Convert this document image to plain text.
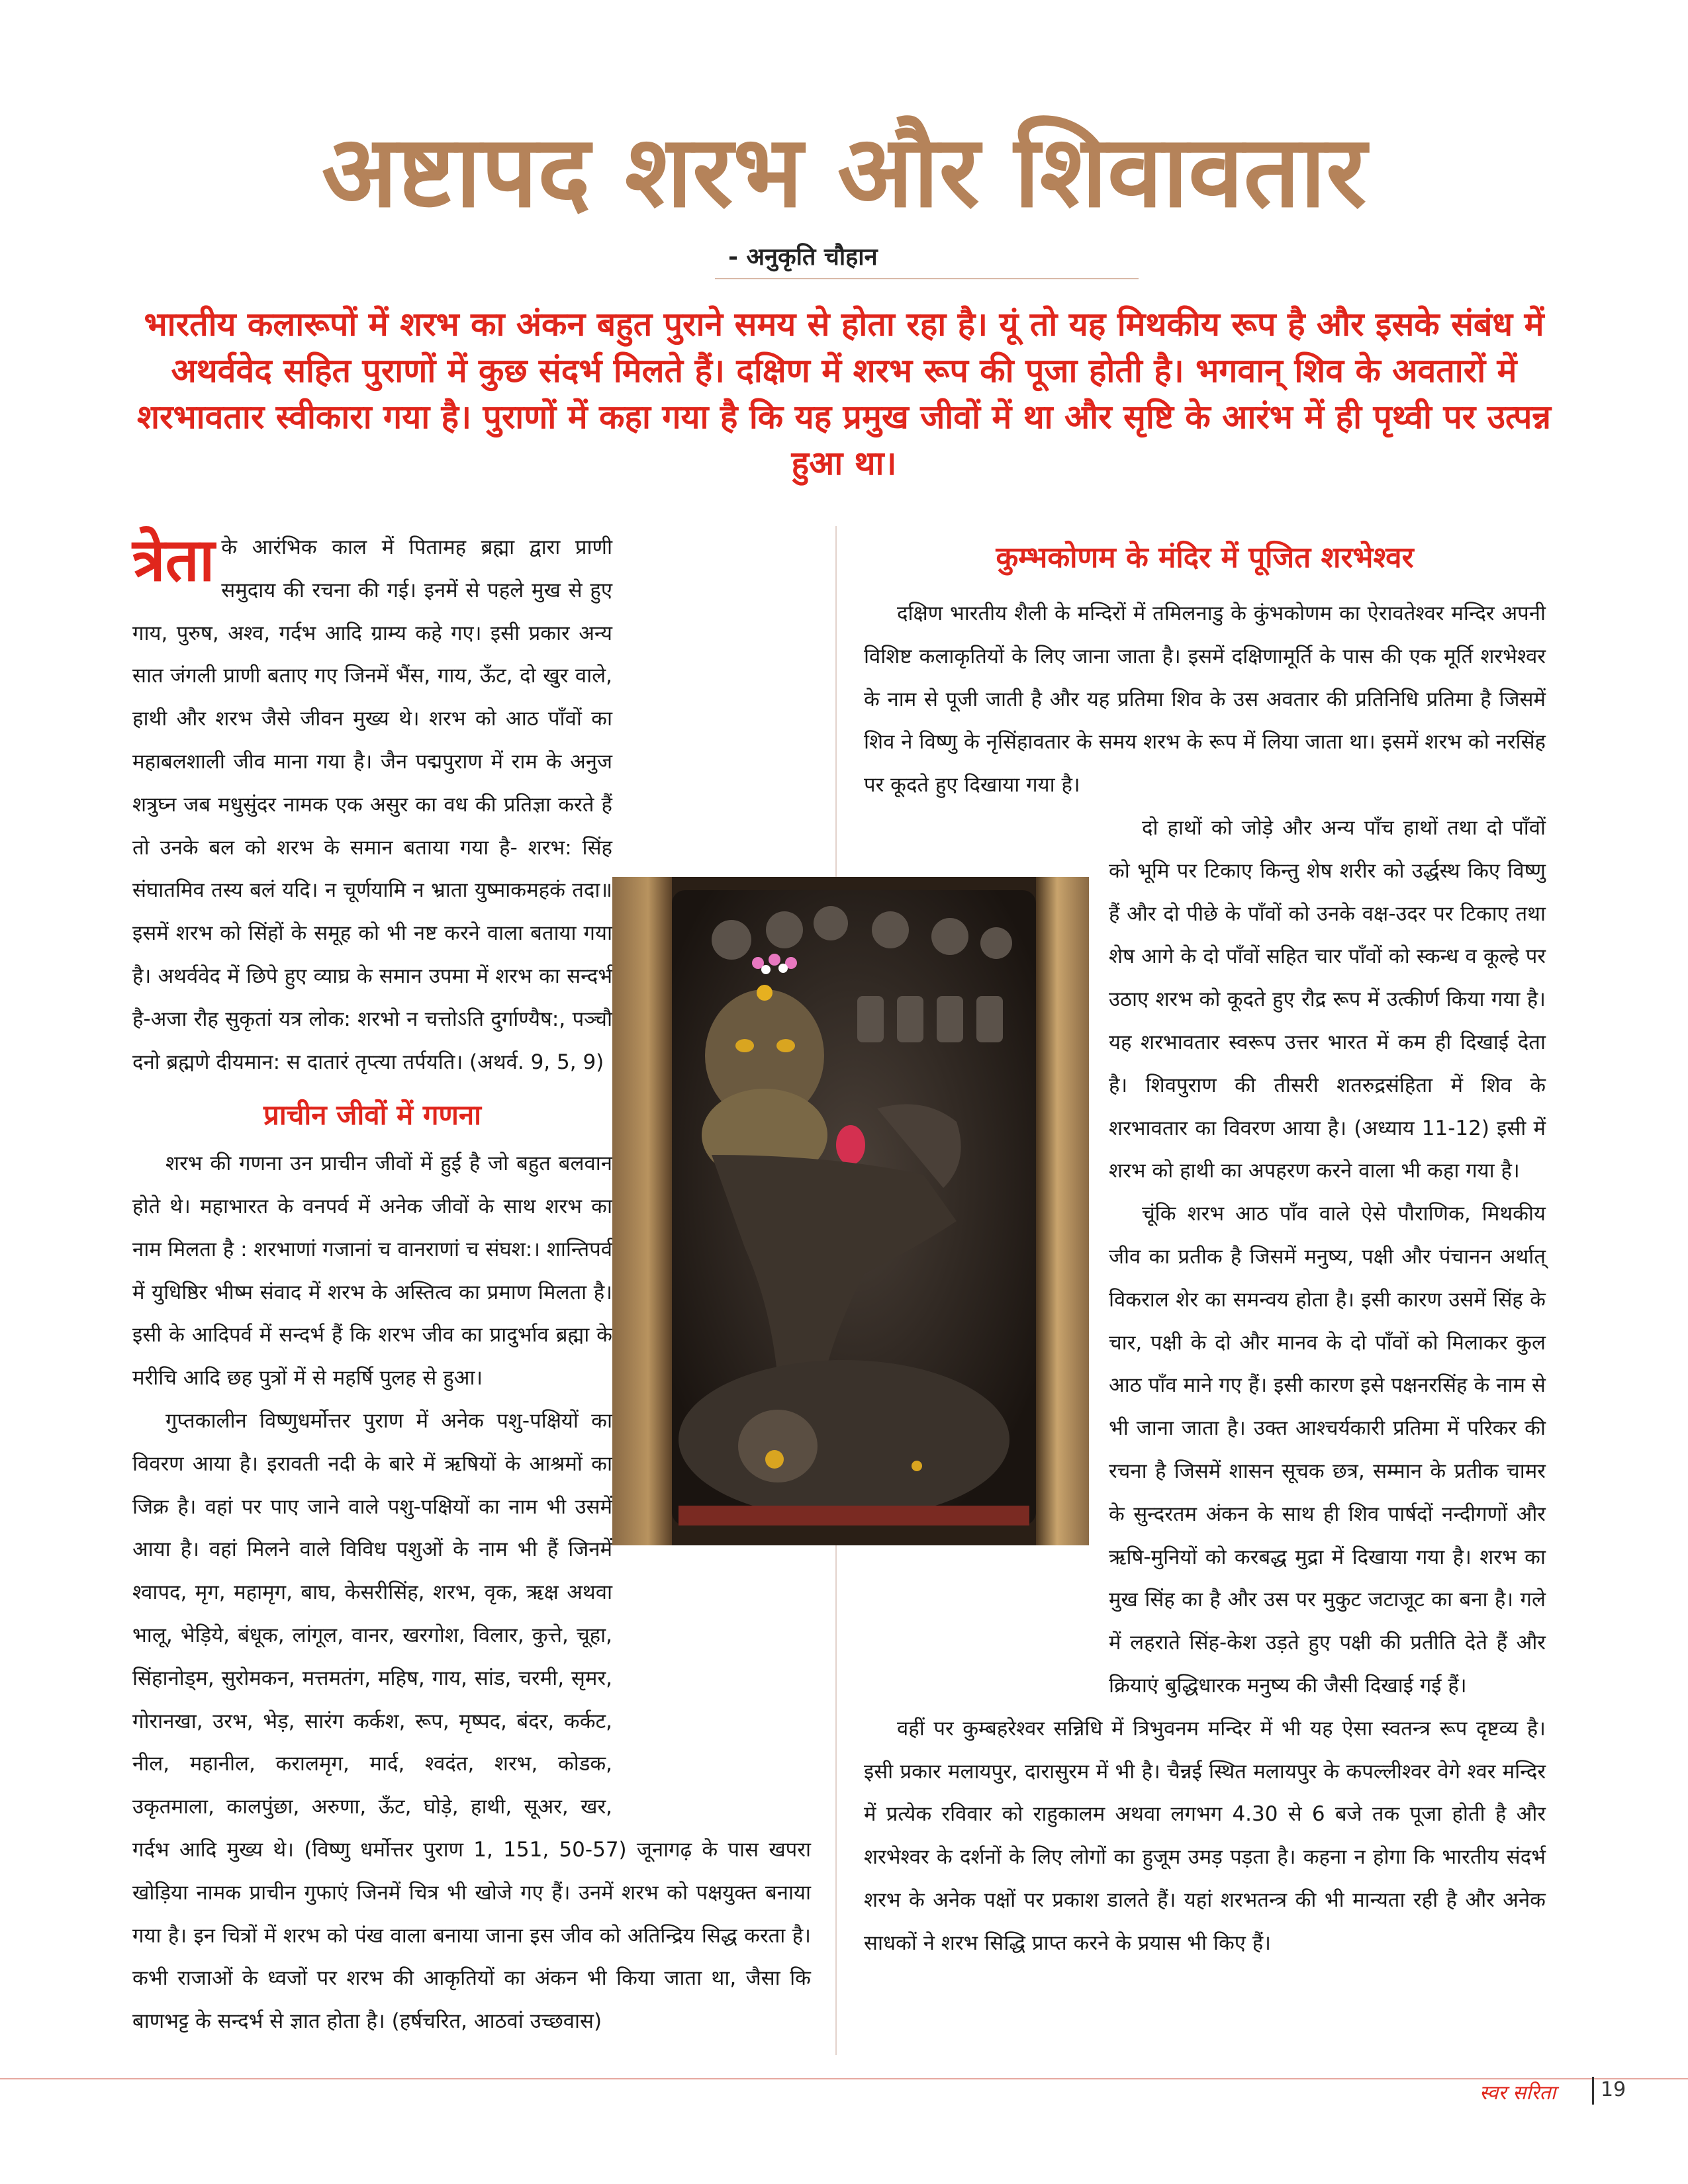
अष्टापद शरभ और शिवावतार
- अनुकृति चौहान

भारतीय कलारूपों में शरभ का अंकन बहुत पुराने समय से होता रहा है। यूं तो यह मिथकीय रूप है और इसके संबंध में अथर्ववेद सहित पुराणों में कुछ संदर्भ मिलते हैं। दक्षिण में शरभ रूप की पूजा होती है। भगवान् शिव के अवतारों में शरभावतार स्वीकारा गया है। पुराणों में कहा गया है कि यह प्रमुख जीवों में था और सृष्टि के आरंभ में ही पृथ्वी पर उत्पन्न हुआ था।

त्रेता के आरंभिक काल में पितामह ब्रह्मा द्वारा प्राणी समुदाय की रचना की गई। इनमें से पहले मुख से हुए गाय, पुरुष, अश्व, गर्दभ आदि ग्राम्य कहे गए। इसी प्रकार अन्य सात जंगली प्राणी बताए गए जिनमें भैंस, गाय, ऊँट, दो खुर वाले, हाथी और शरभ जैसे जीवन मुख्य थे। शरभ को आठ पाँवों का महाबलशाली जीव माना गया है। जैन पद्मपुराण में राम के अनुज शत्रुघ्न जब मधुसुंदर नामक एक असुर का वध की प्रतिज्ञा करते हैं तो उनके बल को शरभ के समान बताया गया है- शरभ: सिंह संघातमिव तस्य बलं यदि। न चूर्णयामि न भ्राता युष्माकमहकं तदा॥ इसमें शरभ को सिंहों के समूह को भी नष्ट करने वाला बताया गया है। अथर्ववेद में छिपे हुए व्याघ्र के समान उपमा में शरभ का सन्दर्भ है-अजा रौह सुकृतां यत्र लोक: शरभो न चत्तोऽति दुर्गाण्यैष:, पञ्चौ दनो ब्रह्मणे दीयमान: स दातारं तृप्त्या तर्पयति। (अथर्व. 9, 5, 9)

प्राचीन जीवों में गणना

शरभ की गणना उन प्राचीन जीवों में हुई है जो बहुत बलवान होते थे। महाभारत के वनपर्व में अनेक जीवों के साथ शरभ का नाम मिलता है : शरभाणां गजानां च वानराणां च संघश:। शान्तिपर्व में युधिष्ठिर भीष्म संवाद में शरभ के अस्तित्व का प्रमाण मिलता है। इसी के आदिपर्व में सन्दर्भ हैं कि शरभ जीव का प्रादुर्भाव ब्रह्मा के मरीचि आदि छह पुत्रों में से महर्षि पुलह से हुआ।

गुप्तकालीन विष्णुधर्मोत्तर पुराण में अनेक पशु-पक्षियों का विवरण आया है। इरावती नदी के बारे में ऋषियों के आश्रमों का जिक्र है। वहां पर पाए जाने वाले पशु-पक्षियों का नाम भी उसमें आया है। वहां मिलने वाले विविध पशुओं के नाम भी हैं जिनमें श्वापद, मृग, महामृग, बाघ, केसरीसिंह, शरभ, वृक, ऋक्ष अथवा भालू, भेड़िये, बंधूक, लांगूल, वानर, खरगोश, विलार, कुत्ते, चूहा, सिंहानोड्म, सुरोमकन, मत्तमतंग, महिष, गाय, सांड, चरमी, सृमर, गोरानखा, उरभ, भेड़, सारंग कर्कश, रूप, मृष्पद, बंदर, कर्कट, नील, महानील, करालमृग, मार्द, श्वदंत, शरभ, कोडक, उकृतमाला, कालपुंछा, अरुणा, ऊँट, घोड़े, हाथी, सूअर, खर, गर्दभ आदि मुख्य थे। (विष्णु धर्मोत्तर पुराण 1, 151, 50-57) जूनागढ़ के पास खपरा खोड़िया नामक प्राचीन गुफाएं जिनमें चित्र भी खोजे गए हैं। उनमें शरभ को पक्षयुक्त बनाया गया है। इन चित्रों में शरभ को पंख वाला बनाया जाना इस जीव को अतिन्द्रिय सिद्ध करता है। कभी राजाओं के ध्वजों पर शरभ की आकृतियों का अंकन भी किया जाता था, जैसा कि बाणभट्ट के सन्दर्भ से ज्ञात होता है। (हर्षचरित, आठवां उच्छवास)

कुम्भकोणम के मंदिर में पूजित शरभेश्वर

दक्षिण भारतीय शैली के मन्दिरों में तमिलनाडु के कुंभकोणम का ऐरावतेश्वर मन्दिर अपनी विशिष्ट कलाकृतियों के लिए जाना जाता है। इसमें दक्षिणामूर्ति के पास की एक मूर्ति शरभेश्वर के नाम से पूजी जाती है और यह प्रतिमा शिव के उस अवतार की प्रतिनिधि प्रतिमा है जिसमें शिव ने विष्णु के नृसिंहावतार के समय शरभ के रूप में लिया जाता था। इसमें शरभ को नरसिंह पर कूदते हुए दिखाया गया है।

दो हाथों को जोड़े और अन्य पाँच हाथों तथा दो पाँवों को भूमि पर टिकाए किन्तु शेष शरीर को उर्द्धस्थ किए विष्णु हैं और दो पीछे के पाँवों को उनके वक्ष-उदर पर टिकाए तथा शेष आगे के दो पाँवों सहित चार पाँवों को स्कन्ध व कूल्हे पर उठाए शरभ को कूदते हुए रौद्र रूप में उत्कीर्ण किया गया है। यह शरभावतार स्वरूप उत्तर भारत में कम ही दिखाई देता है। शिवपुराण की तीसरी शतरुद्रसंहिता में शिव के शरभावतार का विवरण आया है। (अध्याय 11-12) इसी में शरभ को हाथी का अपहरण करने वाला भी कहा गया है।

चूंकि शरभ आठ पाँव वाले ऐसे पौराणिक, मिथकीय जीव का प्रतीक है जिसमें मनुष्य, पक्षी और पंचानन अर्थात् विकराल शेर का समन्वय होता है। इसी कारण उसमें सिंह के चार, पक्षी के दो और मानव के दो पाँवों को मिलाकर कुल आठ पाँव माने गए हैं। इसी कारण इसे पक्षनरसिंह के नाम से भी जाना जाता है। उक्त आश्चर्यकारी प्रतिमा में परिकर की रचना है जिसमें शासन सूचक छत्र, सम्मान के प्रतीक चामर के सुन्दरतम अंकन के साथ ही शिव पार्षदों नन्दीगणों और ऋषि-मुनियों को करबद्ध मुद्रा में दिखाया गया है। शरभ का मुख सिंह का है और उस पर मुकुट जटाजूट का बना है। गले में लहराते सिंह-केश उड़ते हुए पक्षी की प्रतीति देते हैं और क्रियाएं बुद्धिधारक मनुष्य की जैसी दिखाई गई हैं।

वहीं पर कुम्बहरेश्वर सन्निधि में त्रिभुवनम मन्दिर में भी यह ऐसा स्वतन्त्र रूप दृष्टव्य है। इसी प्रकार मलायपुर, दारासुरम में भी है। चैन्नई स्थित मलायपुर के कपल्लीश्वर वेगे श्वर मन्दिर में प्रत्येक रविवार को राहुकालम अथवा लगभग 4.30 से 6 बजे तक पूजा होती है और शरभेश्वर के दर्शनों के लिए लोगों का हुजूम उमड़ पड़ता है। कहना न होगा कि भारतीय संदर्भ शरभ के अनेक पक्षों पर प्रकाश डालते हैं। यहां शरभतन्त्र की भी मान्यता रही है और अनेक साधकों ने शरभ सिद्धि प्राप्त करने के प्रयास भी किए हैं।

स्वर सरिता 19
